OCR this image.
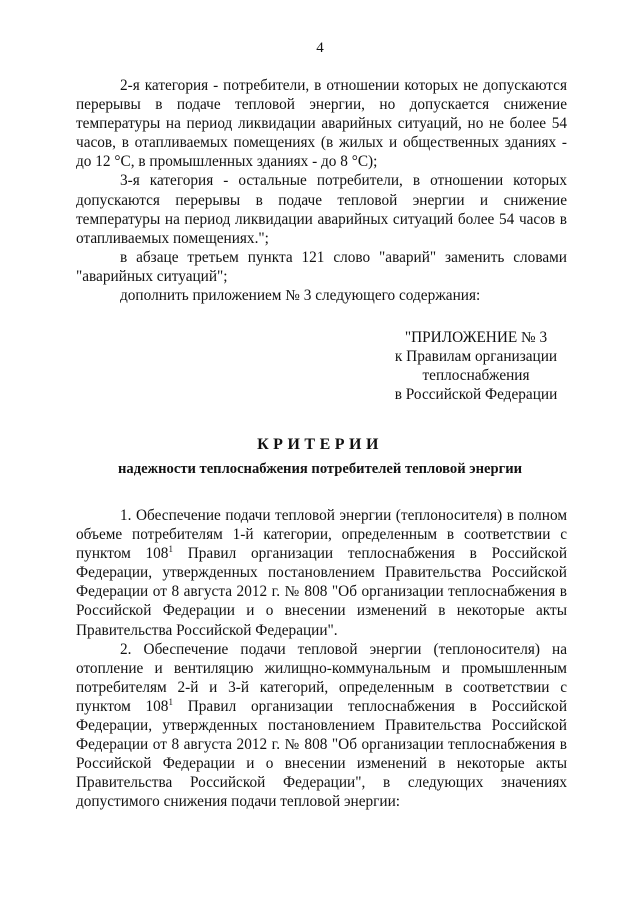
4

2-я категория - потребители, в отношении которых не допускаются перерывы в подаче тепловой энергии, но допускается снижение температуры на период ликвидации аварийных ситуаций, но не более 54 часов, в отапливаемых помещениях (в жилых и общественных зданиях - до 12 °C, в промышленных зданиях - до 8 °C);

3-я категория - остальные потребители, в отношении которых допускаются перерывы в подаче тепловой энергии и снижение температуры на период ликвидации аварийных ситуаций более 54 часов в отапливаемых помещениях.";

в абзаце третьем пункта 121 слово "аварий" заменить словами "аварийных ситуаций";

дополнить приложением № 3 следующего содержания:

"ПРИЛОЖЕНИЕ № 3
к Правилам организации
теплоснабжения
в Российской Федерации
КРИТЕРИИ
надежности теплоснабжения потребителей тепловой энергии

1. Обеспечение подачи тепловой энергии (теплоносителя) в полном объеме потребителям 1-й категории, определенным в соответствии с пунктом $108^1$ Правил организации теплоснабжения в Российской Федерации, утвержденных постановлением Правительства Российской Федерации от 8 августа 2012 г. № 808 "Об организации теплоснабжения в Российской Федерации и о внесении изменений в некоторые акты Правительства Российской Федерации".

2. Обеспечение подачи тепловой энергии (теплоносителя) на отопление и вентиляцию жилищно-коммунальным и промышленным потребителям 2-й и 3-й категорий, определенным в соответствии с пунктом $108^1$ Правил организации теплоснабжения в Российской Федерации, утвержденных постановлением Правительства Российской Федерации от 8 августа 2012 г. № 808 "Об организации теплоснабжения в Российской Федерации и о внесении изменений в некоторые акты Правительства Российской Федерации", в следующих значениях допустимого снижения подачи тепловой энергии:
